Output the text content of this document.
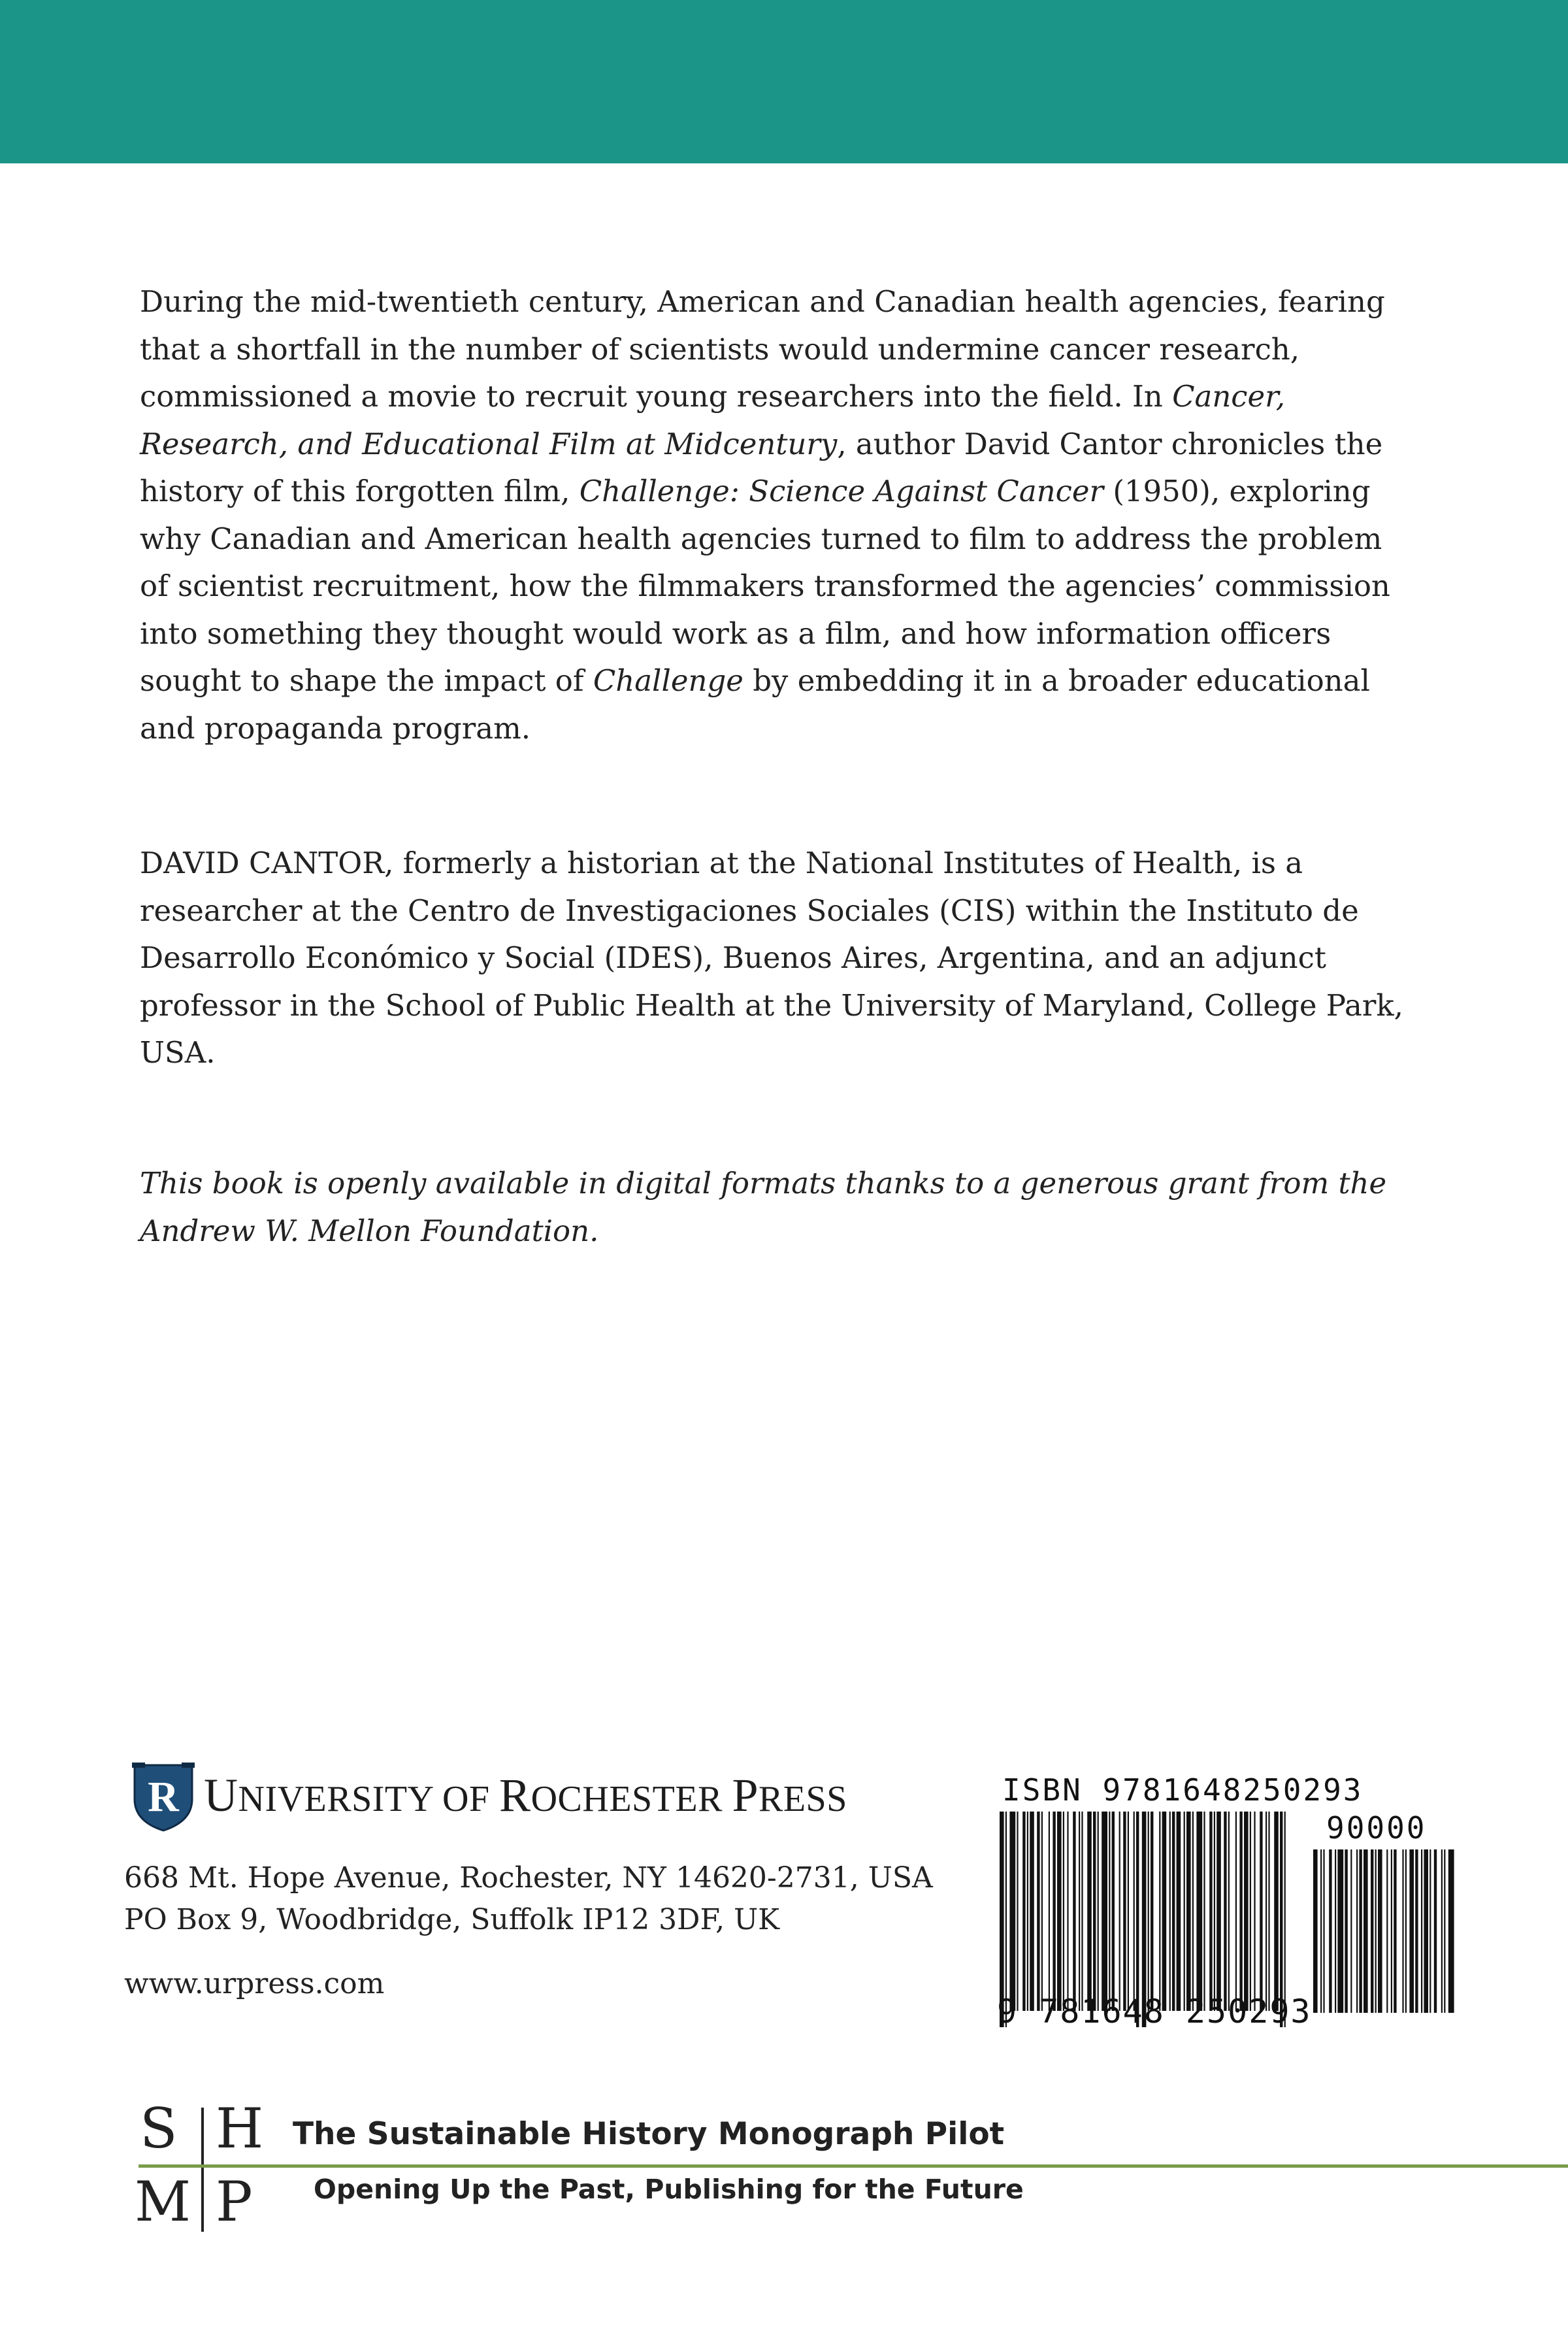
During the mid-twentieth century, American and Canadian health agencies, fearing that a shortfall in the number of scientists would undermine cancer research, commissioned a movie to recruit young researchers into the field. In Cancer, Research, and Educational Film at Midcentury, author David Cantor chronicles the history of this forgotten film, Challenge: Science Against Cancer (1950), exploring why Canadian and American health agencies turned to film to address the problem of scientist recruitment, how the filmmakers transformed the agencies’ commission into something they thought would work as a film, and how information officers sought to shape the impact of Challenge by embedding it in a broader educational and propaganda program.

DAVID CANTOR, formerly a historian at the National Institutes of Health, is a researcher at the Centro de Investigaciones Sociales (CIS) within the Instituto de Desarrollo Económico y Social (IDES), Buenos Aires, Argentina, and an adjunct professor in the School of Public Health at the University of Maryland, College Park, USA.

This book is openly available in digital formats thanks to a generous grant from the Andrew W. Mellon Foundation.

R UNIVERSITY OF ROCHESTER PRESS
668 Mt. Hope Avenue, Rochester, NY 14620-2731, USA
PO Box 9, Woodbridge, Suffolk IP12 3DF, UK
www.urpress.com
ISBN 9781648250293
90000
9 781648 250293
S H
M P
The Sustainable History Monograph Pilot
Opening Up the Past, Publishing for the Future
